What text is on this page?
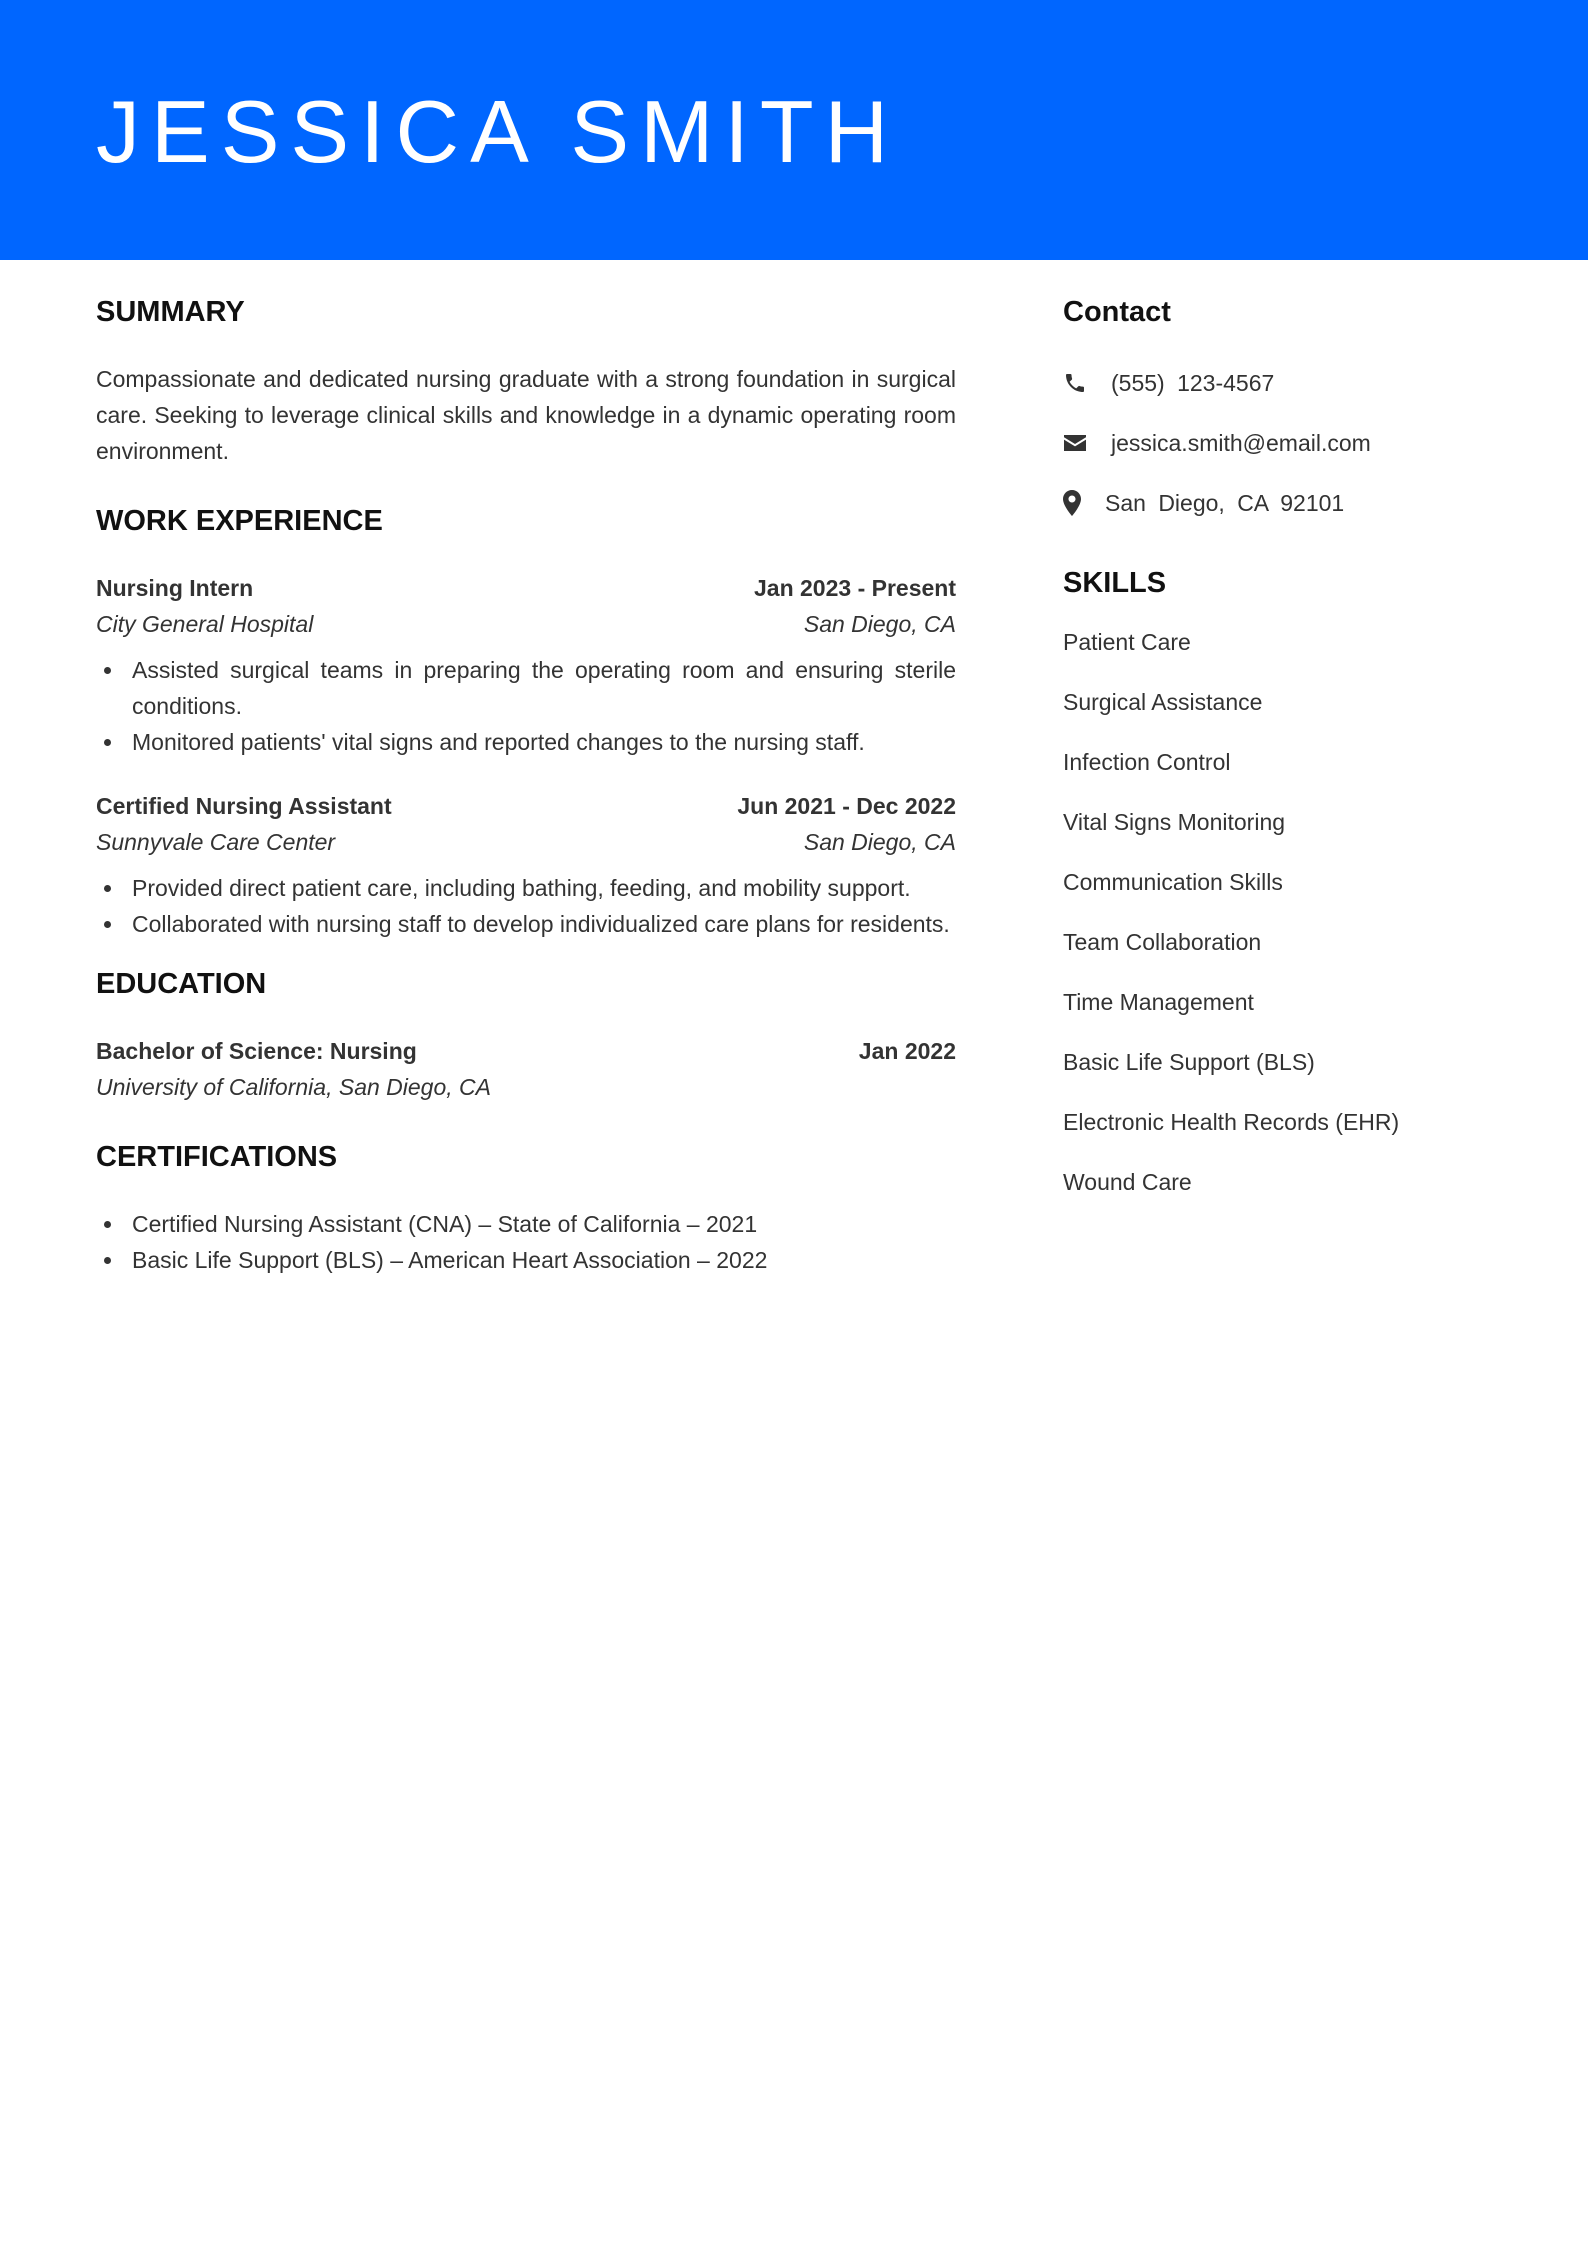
JESSICA SMITH
SUMMARY

Compassionate and dedicated nursing graduate with a strong foundation in surgical care. Seeking to leverage clinical skills and knowledge in a dynamic operating room environment.

WORK EXPERIENCE
Nursing Intern	Jan 2023 - Present
City General Hospital	San Diego, CA
Assisted surgical teams in preparing the operating room and ensuring sterile conditions.
Monitored patients' vital signs and reported changes to the nursing staff.
Certified Nursing Assistant	Jun 2021 - Dec 2022
Sunnyvale Care Center	San Diego, CA
Provided direct patient care, including bathing, feeding, and mobility support.
Collaborated with nursing staff to develop individualized care plans for residents.
EDUCATION
Bachelor of Science: Nursing	Jan 2022
University of California, San Diego, CA
CERTIFICATIONS
Certified Nursing Assistant (CNA) – State of California – 2021
Basic Life Support (BLS) – American Heart Association – 2022
Contact
(555) 123-4567
jessica.smith@email.com
San Diego, CA 92101
SKILLS
Patient Care
Surgical Assistance
Infection Control
Vital Signs Monitoring
Communication Skills
Team Collaboration
Time Management
Basic Life Support (BLS)
Electronic Health Records (EHR)
Wound Care
